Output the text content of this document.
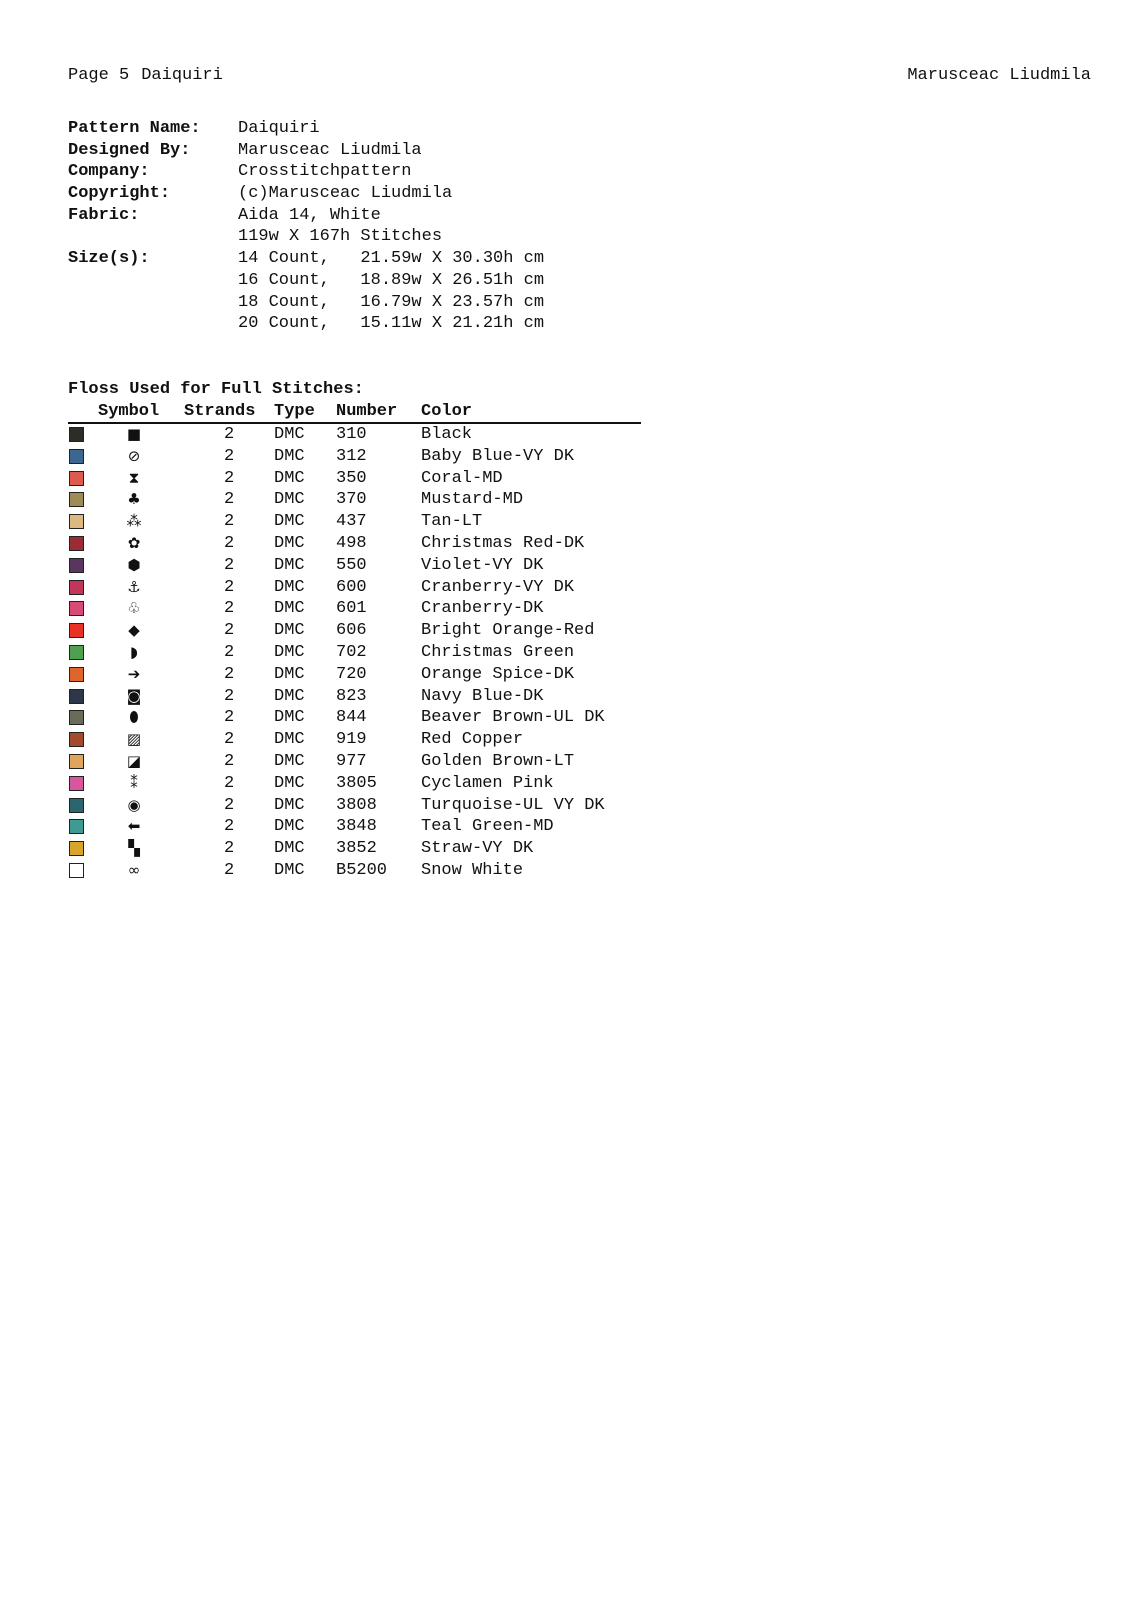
Page 5 Daiquiri	Marusceac Liudmila
Pattern Name:	Daiquiri
Designed By:	Marusceac Liudmila
Company:	Crosstitchpattern
Copyright:	(c)Marusceac Liudmila
Fabric:	Aida 14, White
119w X 167h Stitches
Size(s):	14 Count,   21.59w X 30.30h cm
16 Count,   18.89w X 26.51h cm
18 Count,   16.79w X 23.57h cm
20 Count,   15.11w X 21.21h cm
Floss Used for Full Stitches:
Symbol Strands Type Number Color
■	2 DMC 310	Black
⊘	2 DMC 312	Baby Blue-VY DK
⧗	2 DMC 350	Coral-MD
♣	2 DMC 370	Mustard-MD
⁂	2 DMC 437	Tan-LT
✿	2 DMC 498	Christmas Red-DK
⬢	2 DMC 550	Violet-VY DK
⚓	2 DMC 600	Cranberry-VY DK
♧	2 DMC 601	Cranberry-DK
◆	2 DMC 606	Bright Orange-Red
◗	2 DMC 702	Christmas Green
➔	2 DMC 720	Orange Spice-DK
◙	2 DMC 823	Navy Blue-DK
⬮	2 DMC 844	Beaver Brown-UL DK
▨	2 DMC 919	Red Copper
◪	2 DMC 977	Golden Brown-LT
⁑	2 DMC 3805	Cyclamen Pink
◉	2 DMC 3808	Turquoise-UL VY DK
⬅	2 DMC 3848	Teal Green-MD
▚	2 DMC 3852	Straw-VY DK
∞	2 DMC B5200 Snow White
